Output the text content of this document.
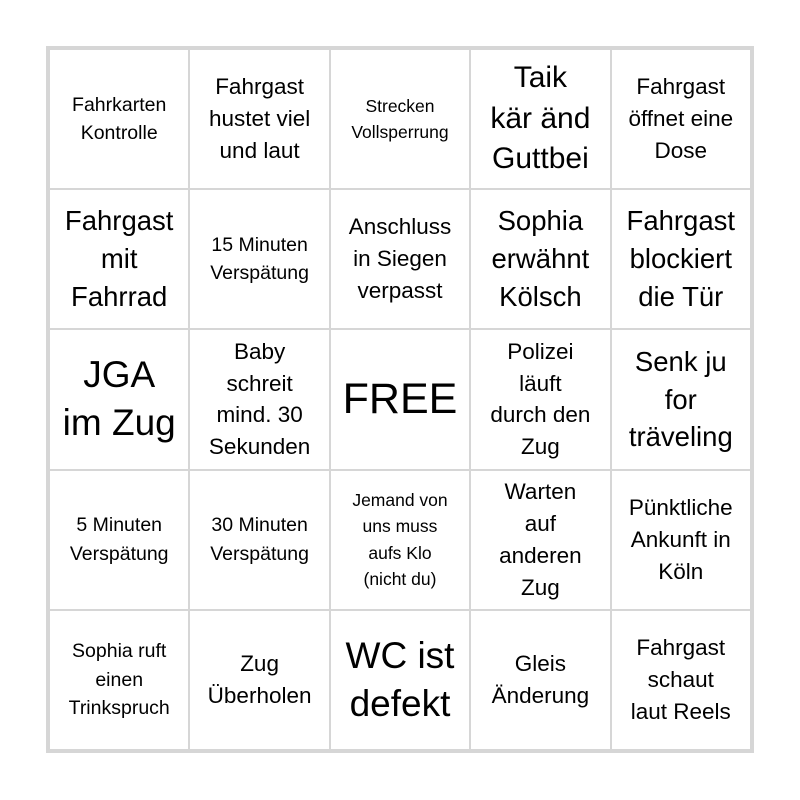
Fahrkarten
Kontrolle
Fahrgast
hustet viel
und laut
Strecken
Vollsperrung
Taik
kär änd
Guttbei
Fahrgast
öffnet eine
Dose
Fahrgast
mit
Fahrrad
15 Minuten
Verspätung
Anschluss
in Siegen
verpasst
Sophia
erwähnt
Kölsch
Fahrgast
blockiert
die Tür
JGA
im Zug
Baby
schreit
mind. 30
Sekunden
FREE
Polizei
läuft
durch den
Zug
Senk ju
for
träveling
5 Minuten
Verspätung
30 Minuten
Verspätung
Jemand von
uns muss
aufs Klo
(nicht du)
Warten
auf
anderen
Zug
Pünktliche
Ankunft in
Köln
Sophia ruft
einen
Trinkspruch
Zug
Überholen
WC ist
defekt
Gleis
Änderung
Fahrgast
schaut
laut Reels
